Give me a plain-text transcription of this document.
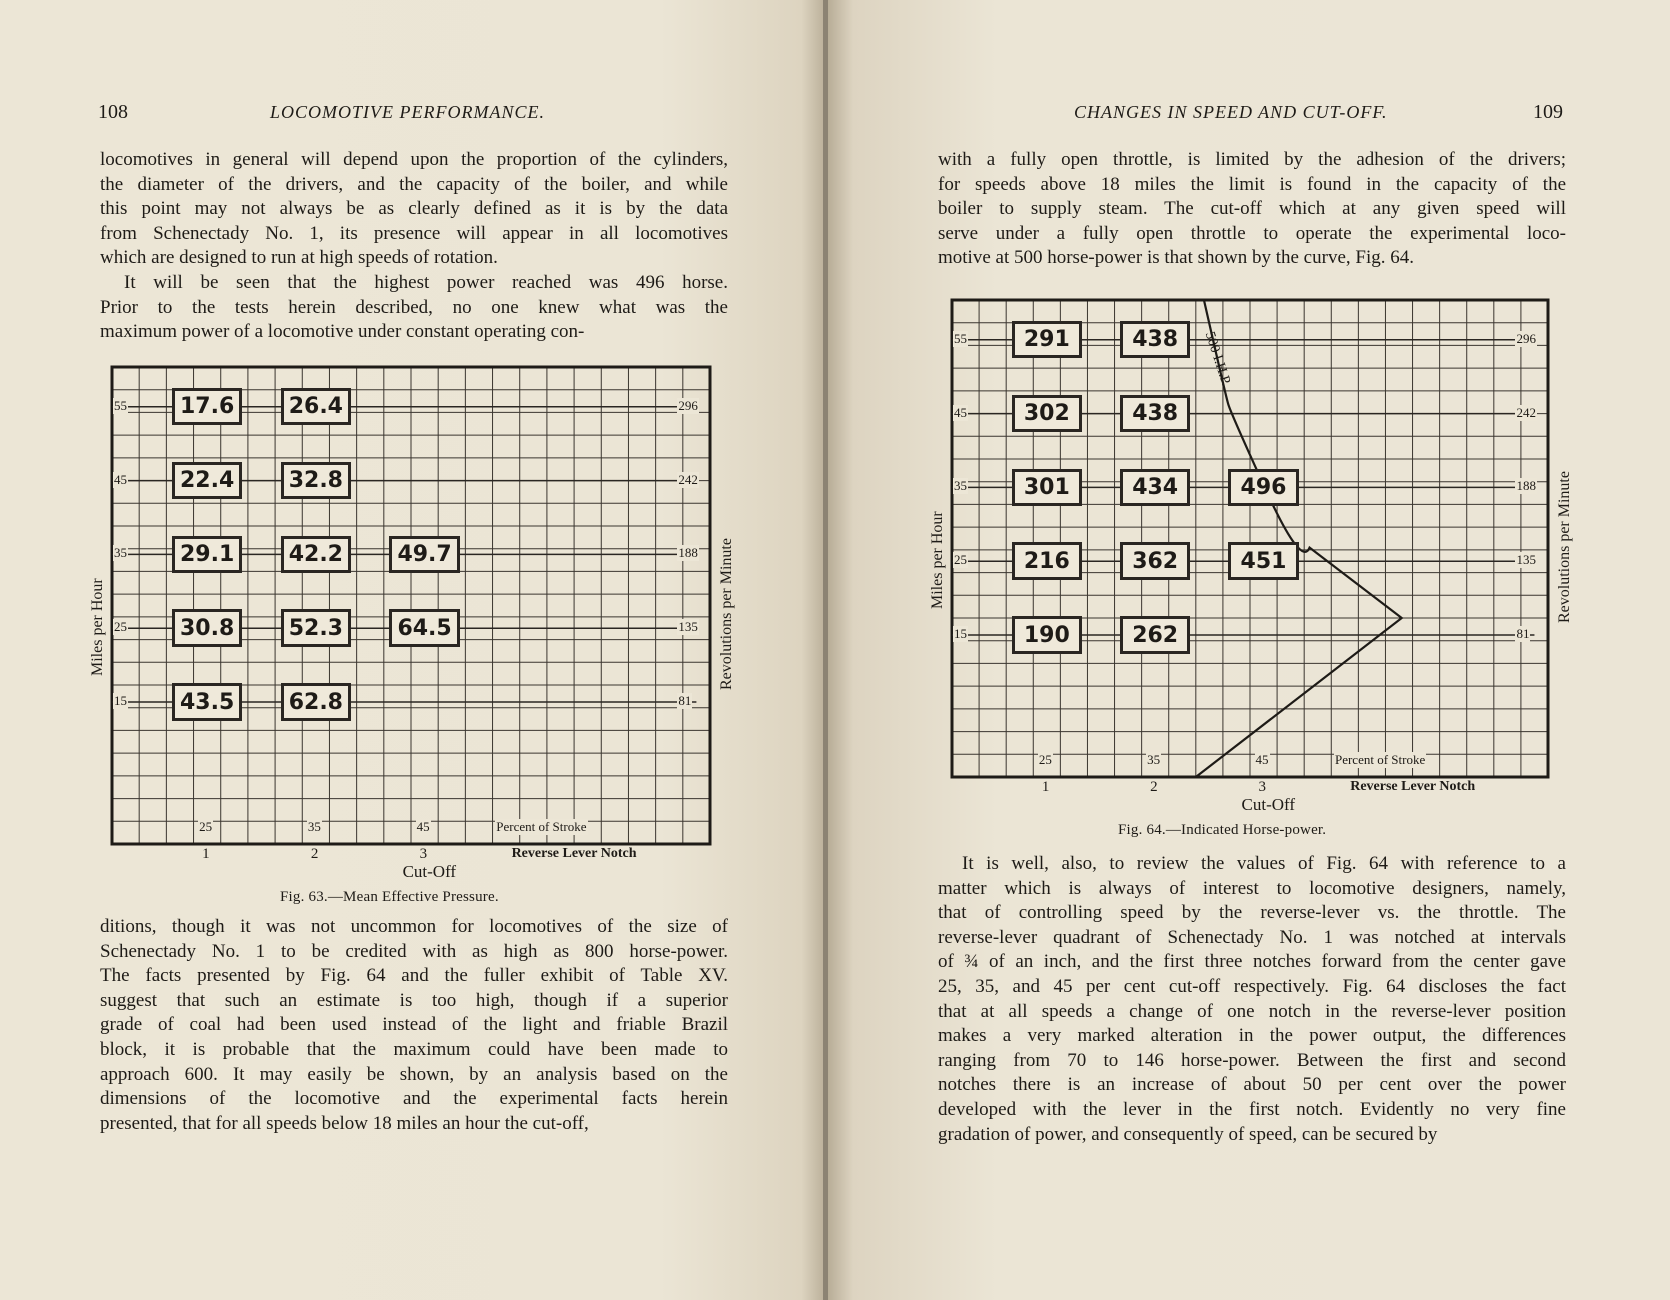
108	LOCOMOTIVE PERFORMANCE.
locomotives in general will depend upon the proportion of the cylinders,
the diameter of the drivers, and the capacity of the boiler, and while
this point may not always be as clearly defined as it is by the data
from Schenectady No. 1, its presence will appear in all locomotives
which are designed to run at high speeds of rotation.
It will be seen that the highest power reached was 496 horse.
Prior to the tests herein described, no one knew what was the
maximum power of a locomotive under constant operating con-
55
45
35
25
15
296
242
188
135
81
25	35	45	Percent of Stroke
1	2	3	Reverse Lever Notch
Cut-Off
Miles per Hour	Revolutions per Minute
17.6	26.4
22.4	32.8
29.1	42.2	49.7
30.8	52.3	64.5
43.5	62.8
Fig. 63.—Mean Effective Pressure.
ditions, though it was not uncommon for locomotives of the size of
Schenectady No. 1 to be credited with as high as 800 horse-power.
The facts presented by Fig. 64 and the fuller exhibit of Table XV.
suggest that such an estimate is too high, though if a superior
grade of coal had been used instead of the light and friable Brazil
block, it is probable that the maximum could have been made to
approach 600. It may easily be shown, by an analysis based on the
dimensions of the locomotive and the experimental facts herein
presented, that for all speeds below 18 miles an hour the cut-off,
CHANGES IN SPEED AND CUT-OFF.	109
with a fully open throttle, is limited by the adhesion of the drivers;
for speeds above 18 miles the limit is found in the capacity of the
boiler to supply steam. The cut-off which at any given speed will
serve under a fully open throttle to operate the experimental loco-
motive at 500 horse-power is that shown by the curve, Fig. 64.
55
45
35
25
15
296
242
188
135
81
25	35	45	Percent of Stroke
1	2	3	Reverse Lever Notch
Cut-Off
Miles per Hour	Revolutions per Minute
291	438
302	438
301	434	496
216	362	451
190	262
500 I.H.P.
Fig. 64.—Indicated Horse-power.
It is well, also, to review the values of Fig. 64 with reference to a
matter which is always of interest to locomotive designers, namely,
that of controlling speed by the reverse-lever vs. the throttle. The
reverse-lever quadrant of Schenectady No. 1 was notched at intervals
of ¾ of an inch, and the first three notches forward from the center gave
25, 35, and 45 per cent cut-off respectively. Fig. 64 discloses the fact
that at all speeds a change of one notch in the reverse-lever position
makes a very marked alteration in the power output, the differences
ranging from 70 to 146 horse-power. Between the first and second
notches there is an increase of about 50 per cent over the power
developed with the lever in the first notch. Evidently no very fine
gradation of power, and consequently of speed, can be secured by
